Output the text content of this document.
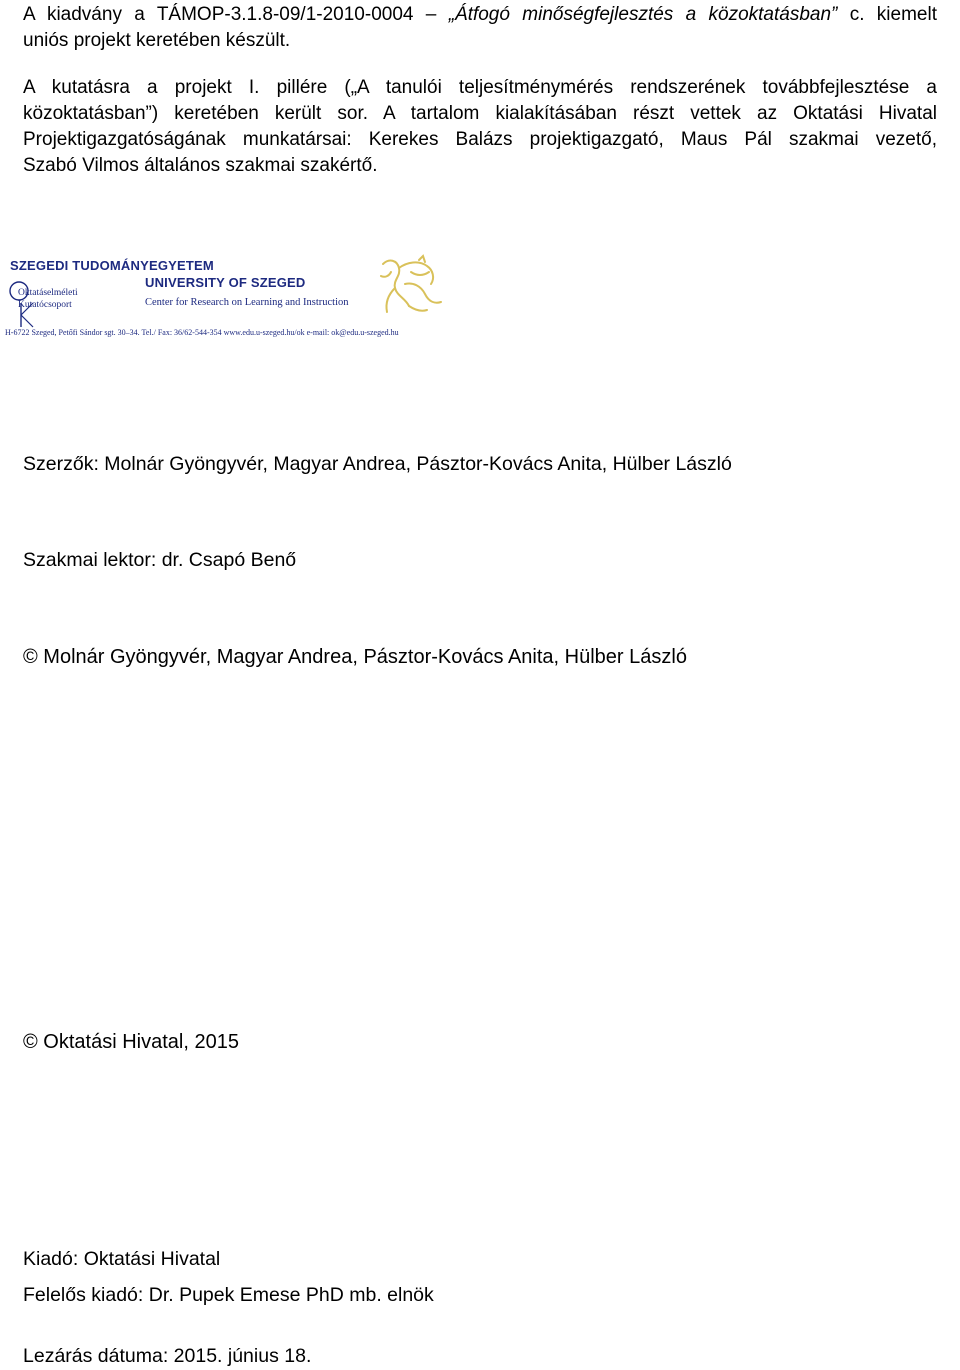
A kiadvány a TÁMOP-3.1.8-09/1-2010-0004 – „Átfogó minőségfejlesztés a közoktatásban” c. kiemelt
uniós projekt keretében készült.
A kutatásra a projekt I. pillére („A tanulói teljesítménymérés rendszerének továbbfejlesztése a
közoktatásban”) keretében került sor. A tartalom kialakításában részt vettek az Oktatási Hivatal
Projektigazgatóságának munkatársai: Kerekes Balázs projektigazgató, Maus Pál szakmai vezető,
Szabó Vilmos általános szakmai szakértő.
SZEGEDI TUDOMÁNYEGYETEM
UNIVERSITY OF SZEGED
Center for Research on Learning and Instruction
Oktatáselméleti
Kutatócsoport
H-6722 Szeged, Petőfi Sándor sgt. 30–34. Tel./ Fax: 36/62-544-354 www.edu.u-szeged.hu/ok e-mail: ok@edu.u-szeged.hu
Szerzők: Molnár Gyöngyvér, Magyar Andrea, Pásztor-Kovács Anita, Hülber László
Szakmai lektor: dr. Csapó Benő
© Molnár Gyöngyvér, Magyar Andrea, Pásztor-Kovács Anita, Hülber László
© Oktatási Hivatal, 2015
Kiadó: Oktatási Hivatal
Felelős kiadó: Dr. Pupek Emese PhD mb. elnök
Lezárás dátuma: 2015. június 18.
